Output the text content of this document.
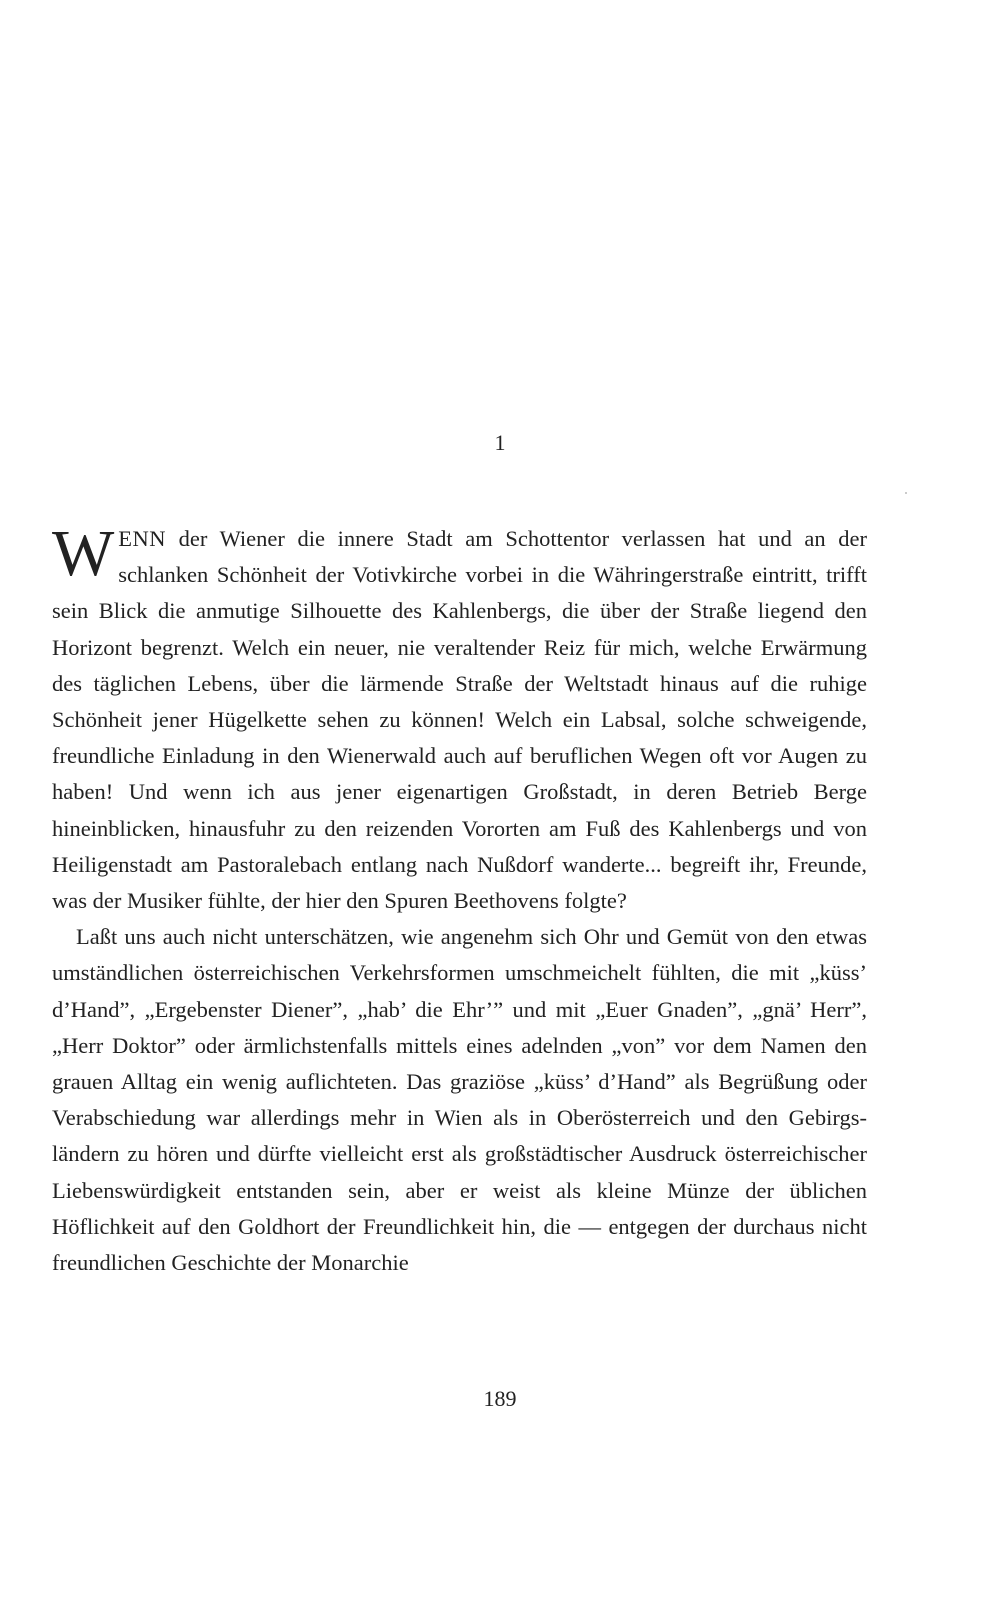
1

WENN der Wiener die innere Stadt am Schottentor verlassen hat und an der schlanken Schönheit der Votivkirche vorbei in die Währingerstraße eintritt, trifft sein Blick die anmutige Silhouette des Kahlenbergs, die über der Straße liegend den Horizont begrenzt. Welch ein neuer, nie veraltender Reiz für mich, welche Erwärmung des täglichen Lebens, über die lärmende Straße der Weltstadt hinaus auf die ruhige Schönheit jener Hügelkette sehen zu können! Welch ein Labsal, solche schweigende, freundliche Einladung in den Wienerwald auch auf beruflichen Wegen oft vor Augen zu haben! Und wenn ich aus jener eigenartigen Großstadt, in deren Betrieb Berge hineinblicken, hinausfuhr zu den reizenden Vororten am Fuß des Kahlenbergs und von Heiligenstadt am Pastoralebach entlang nach Nußdorf wanderte... begreift ihr, Freunde, was der Musiker fühlte, der hier den Spuren Beethovens folgte?

Laßt uns auch nicht unterschätzen, wie angenehm sich Ohr und Gemüt von den etwas umständlichen österreichischen Verkehrsformen umschmeichelt fühlten, die mit „küss’ d’Hand”, „Ergebenster Diener”, „hab’ die Ehr’” und mit „Euer Gnaden”, „gnä’ Herr”, „Herr Doktor” oder ärmlichstenfalls mittels eines adelnden „von” vor dem Namen den grauen Alltag ein wenig auflichteten. Das graziöse „küss’ d’Hand” als Begrüßung oder Verabschiedung war allerdings mehr in Wien als in Oberösterreich und den Gebirgsländern zu hören und dürfte vielleicht erst als großstädtischer Ausdruck österreichischer Liebenswürdigkeit entstanden sein, aber er weist als kleine Münze der üblichen Höflichkeit auf den Goldhort der Freundlichkeit hin, die — entgegen der durchaus nicht freundlichen Geschichte der Monarchie

189
